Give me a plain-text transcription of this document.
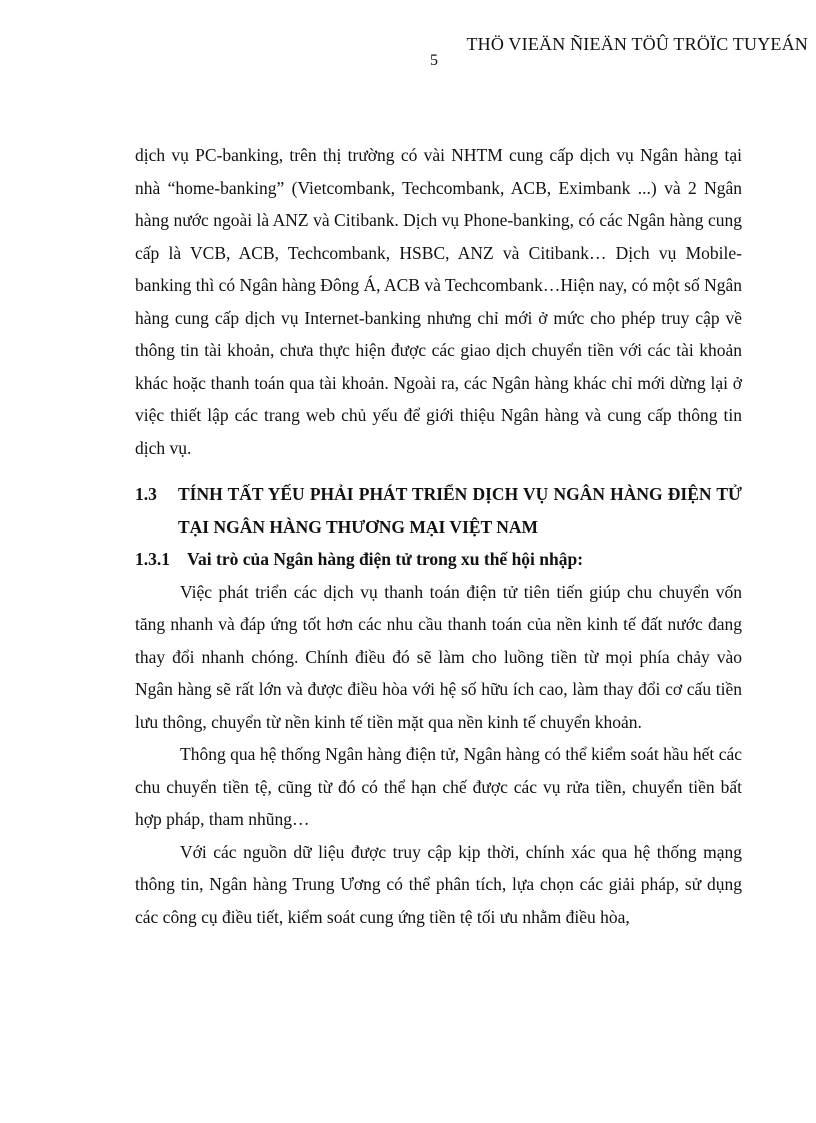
THÖ VIEÄN ÑIEÄN TÖÛ TRÖÏC TUYEÁN
5

dịch vụ PC-banking, trên thị trường có vài NHTM cung cấp dịch vụ Ngân hàng tại nhà “home-banking” (Vietcombank, Techcombank, ACB, Eximbank ...) và 2 Ngân hàng nước ngoài là ANZ và Citibank. Dịch vụ Phone-banking, có các Ngân hàng cung cấp là VCB, ACB, Techcombank, HSBC, ANZ và Citibank… Dịch vụ Mobile-banking thì có Ngân hàng Đông Á, ACB và Techcombank…Hiện nay, có một số Ngân hàng cung cấp dịch vụ Internet-banking nhưng chỉ mới ở mức cho phép truy cập về thông tin tài khoản, chưa thực hiện được các giao dịch chuyển tiền với các tài khoản khác hoặc thanh toán qua tài khoản. Ngoài ra, các Ngân hàng khác chỉ mới dừng lại ở việc thiết lập các trang web chủ yếu để giới thiệu Ngân hàng và cung cấp thông tin dịch vụ.

1.3	TÍNH TẤT YẾU PHẢI PHÁT TRIỂN DỊCH VỤ NGÂN HÀNG ĐIỆN TỬ TẠI NGÂN HÀNG THƯƠNG MẠI VIỆT NAM
1.3.1 Vai trò của Ngân hàng điện tử trong xu thế hội nhập:

Việc phát triển các dịch vụ thanh toán điện tử tiên tiến giúp chu chuyển vốn tăng nhanh và đáp ứng tốt hơn các nhu cầu thanh toán của nền kinh tế đất nước đang thay đổi nhanh chóng. Chính điều đó sẽ làm cho luồng tiền từ mọi phía chảy vào Ngân hàng sẽ rất lớn và được điều hòa với hệ số hữu ích cao, làm thay đổi cơ cấu tiền lưu thông, chuyển từ nền kinh tế tiền mặt qua nền kinh tế chuyển khoản.

Thông qua hệ thống Ngân hàng điện tử, Ngân hàng có thể kiểm soát hầu hết các chu chuyển tiền tệ, cũng từ đó có thể hạn chế được các vụ rửa tiền, chuyển tiền bất hợp pháp, tham nhũng…

Với các nguồn dữ liệu được truy cập kịp thời, chính xác qua hệ thống mạng thông tin, Ngân hàng Trung Ương có thể phân tích, lựa chọn các giải pháp, sử dụng các công cụ điều tiết, kiểm soát cung ứng tiền tệ tối ưu nhằm điều hòa,
